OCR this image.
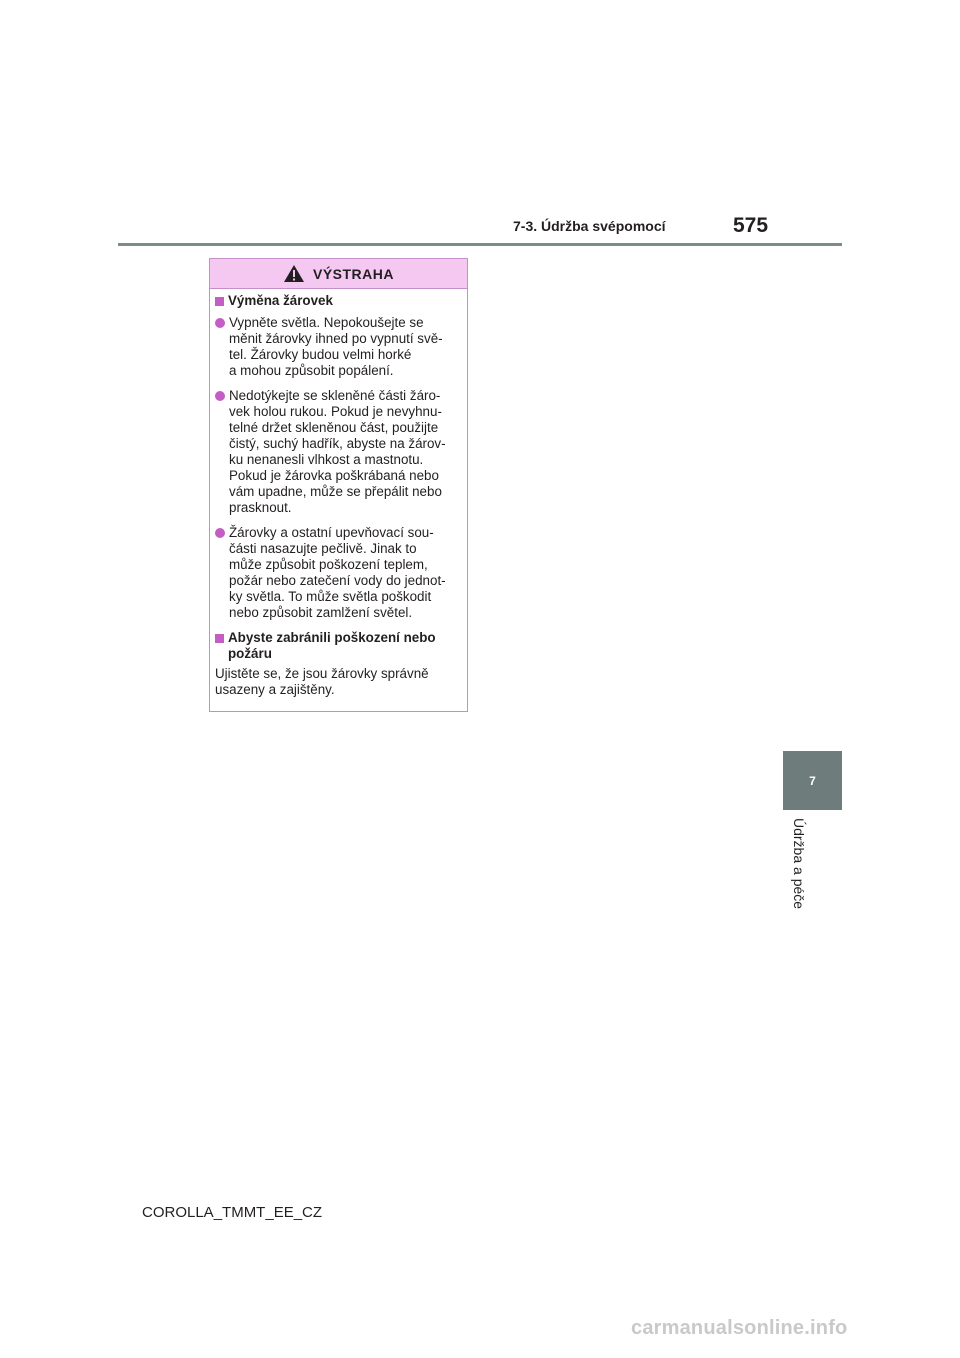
7-3. Údržba svépomocí	575
7
Údržba a péče
VÝSTRAHA
Výměna žárovek
Vypněte světla. Nepokoušejte se
měnit žárovky ihned po vypnutí svě-
tel. Žárovky budou velmi horké
a mohou způsobit popálení.
Nedotýkejte se skleněné části žáro-
vek holou rukou. Pokud je nevyhnu-
telné držet skleněnou část, použijte
čistý, suchý hadřík, abyste na žárov-
ku nenanesli vlhkost a mastnotu.
Pokud je žárovka poškrábaná nebo
vám upadne, může se přepálit nebo
prasknout.
Žárovky a ostatní upevňovací sou-
části nasazujte pečlivě. Jinak to
může způsobit poškození teplem,
požár nebo zatečení vody do jednot-
ky světla. To může světla poškodit
nebo způsobit zamlžení světel.
Abyste zabránili poškození nebo
požáru
Ujistěte se, že jsou žárovky správně
usazeny a zajištěny.
COROLLA_TMMT_EE_CZ
carmanualsonline.info
